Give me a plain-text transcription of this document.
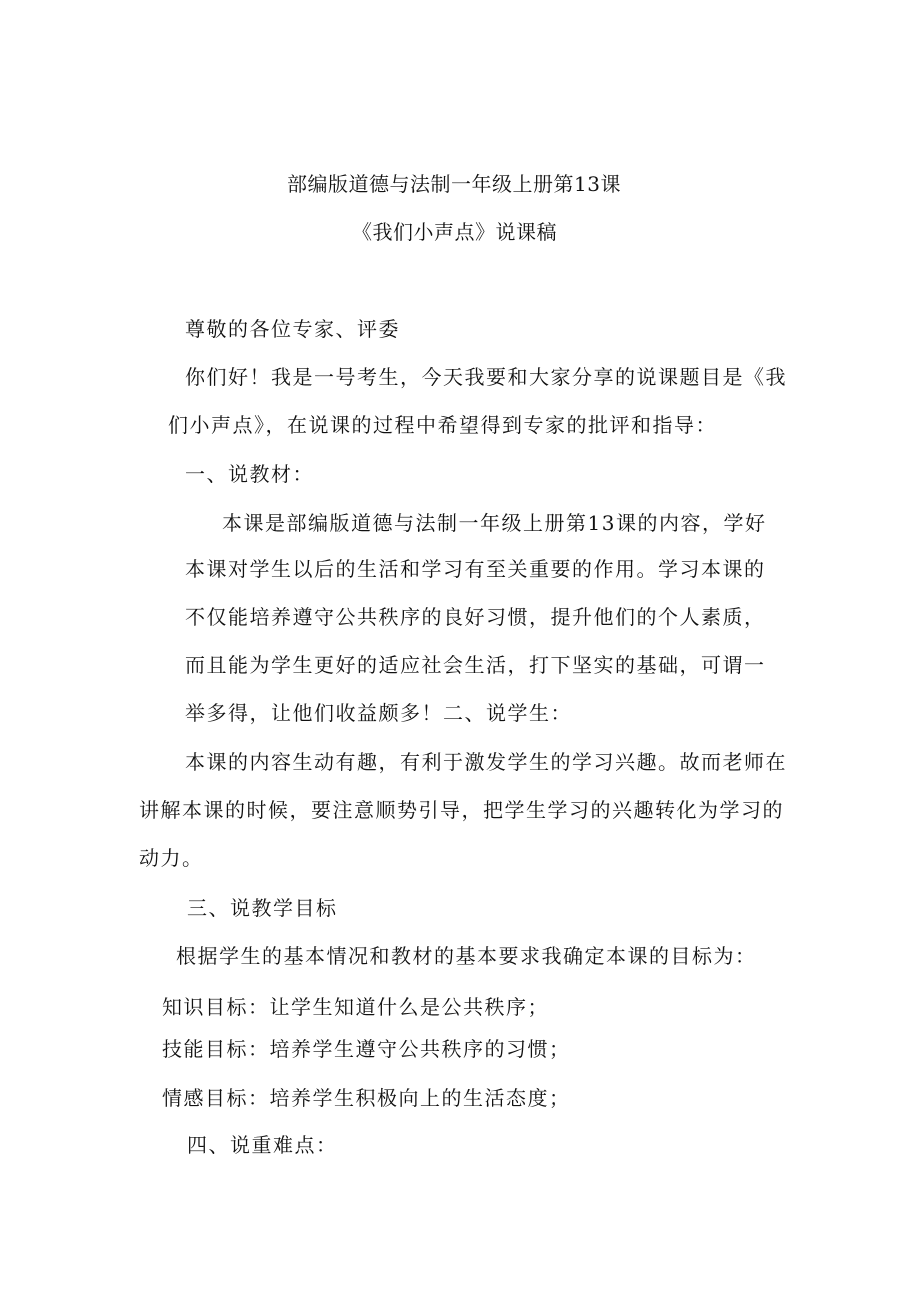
部编版道德与法制一年级上册第13课
《我们小声点》说课稿
尊敬的各位专家、评委
你们好！我是一号考生，今天我要和大家分享的说课题目是《我
们小声点》，在说课的过程中希望得到专家的批评和指导：
一、说教材：
本课是部编版道德与法制一年级上册第13课的内容，学好
本课对学生以后的生活和学习有至关重要的作用。学习本课的
不仅能培养遵守公共秩序的良好习惯，提升他们的个人素质，
而且能为学生更好的适应社会生活，打下坚实的基础，可谓一
举多得，让他们收益颇多！二、说学生：
本课的内容生动有趣，有利于激发学生的学习兴趣。故而老师在
讲解本课的时候，要注意顺势引导，把学生学习的兴趣转化为学习的
动力。
三、说教学目标
根据学生的基本情况和教材的基本要求我确定本课的目标为：
知识目标：让学生知道什么是公共秩序；
技能目标：培养学生遵守公共秩序的习惯；
情感目标：培养学生积极向上的生活态度；
四、说重难点：
